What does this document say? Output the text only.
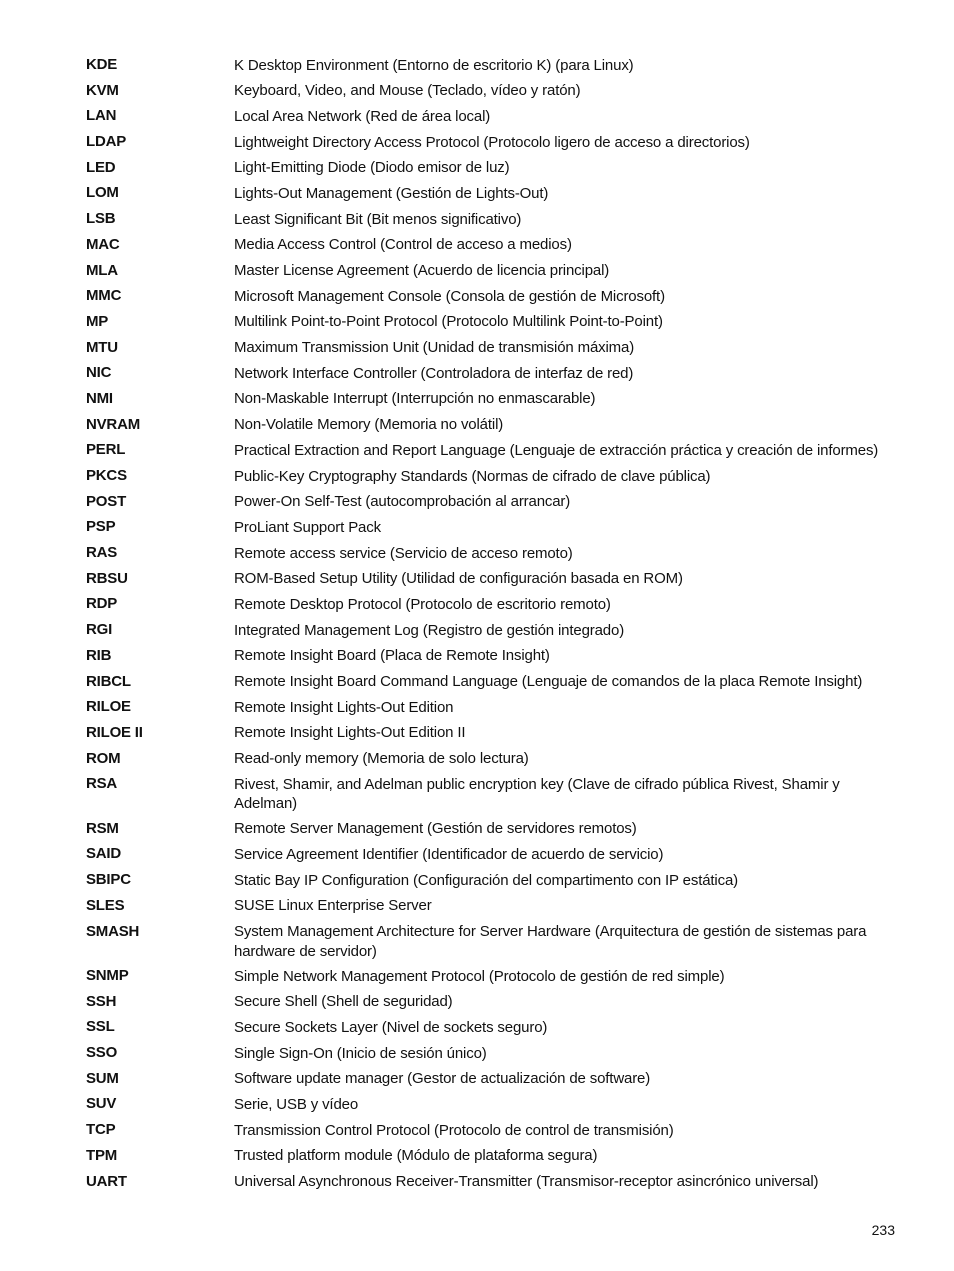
KDE	K Desktop Environment (Entorno de escritorio K) (para Linux)
KVM	Keyboard, Video, and Mouse (Teclado, vídeo y ratón)
LAN	Local Area Network (Red de área local)
LDAP	Lightweight Directory Access Protocol (Protocolo ligero de acceso a directorios)
LED	Light-Emitting Diode (Diodo emisor de luz)
LOM	Lights-Out Management (Gestión de Lights-Out)
LSB	Least Significant Bit (Bit menos significativo)
MAC	Media Access Control (Control de acceso a medios)
MLA	Master License Agreement (Acuerdo de licencia principal)
MMC	Microsoft Management Console (Consola de gestión de Microsoft)
MP	Multilink Point-to-Point Protocol (Protocolo Multilink Point-to-Point)
MTU	Maximum Transmission Unit (Unidad de transmisión máxima)
NIC	Network Interface Controller (Controladora de interfaz de red)
NMI	Non-Maskable Interrupt (Interrupción no enmascarable)
NVRAM	Non-Volatile Memory (Memoria no volátil)
PERL	Practical Extraction and Report Language (Lenguaje de extracción práctica y creación de informes)
PKCS	Public-Key Cryptography Standards (Normas de cifrado de clave pública)
POST	Power-On Self-Test (autocomprobación al arrancar)
PSP	ProLiant Support Pack
RAS	Remote access service (Servicio de acceso remoto)
RBSU	ROM-Based Setup Utility (Utilidad de configuración basada en ROM)
RDP	Remote Desktop Protocol (Protocolo de escritorio remoto)
RGI	Integrated Management Log (Registro de gestión integrado)
RIB	Remote Insight Board (Placa de Remote Insight)
RIBCL	Remote Insight Board Command Language (Lenguaje de comandos de la placa Remote Insight)
RILOE	Remote Insight Lights-Out Edition
RILOE II	Remote Insight Lights-Out Edition II
ROM	Read-only memory (Memoria de solo lectura)
RSA	Rivest, Shamir, and Adelman public encryption key (Clave de cifrado pública Rivest, Shamir y Adelman)
RSM	Remote Server Management (Gestión de servidores remotos)
SAID	Service Agreement Identifier (Identificador de acuerdo de servicio)
SBIPC	Static Bay IP Configuration (Configuración del compartimento con IP estática)
SLES	SUSE Linux Enterprise Server
SMASH	System Management Architecture for Server Hardware (Arquitectura de gestión de sistemas para hardware de servidor)
SNMP	Simple Network Management Protocol (Protocolo de gestión de red simple)
SSH	Secure Shell (Shell de seguridad)
SSL	Secure Sockets Layer (Nivel de sockets seguro)
SSO	Single Sign-On (Inicio de sesión único)
SUM	Software update manager (Gestor de actualización de software)
SUV	Serie, USB y vídeo
TCP	Transmission Control Protocol (Protocolo de control de transmisión)
TPM	Trusted platform module (Módulo de plataforma segura)
UART	Universal Asynchronous Receiver-Transmitter (Transmisor-receptor asincrónico universal)
233
